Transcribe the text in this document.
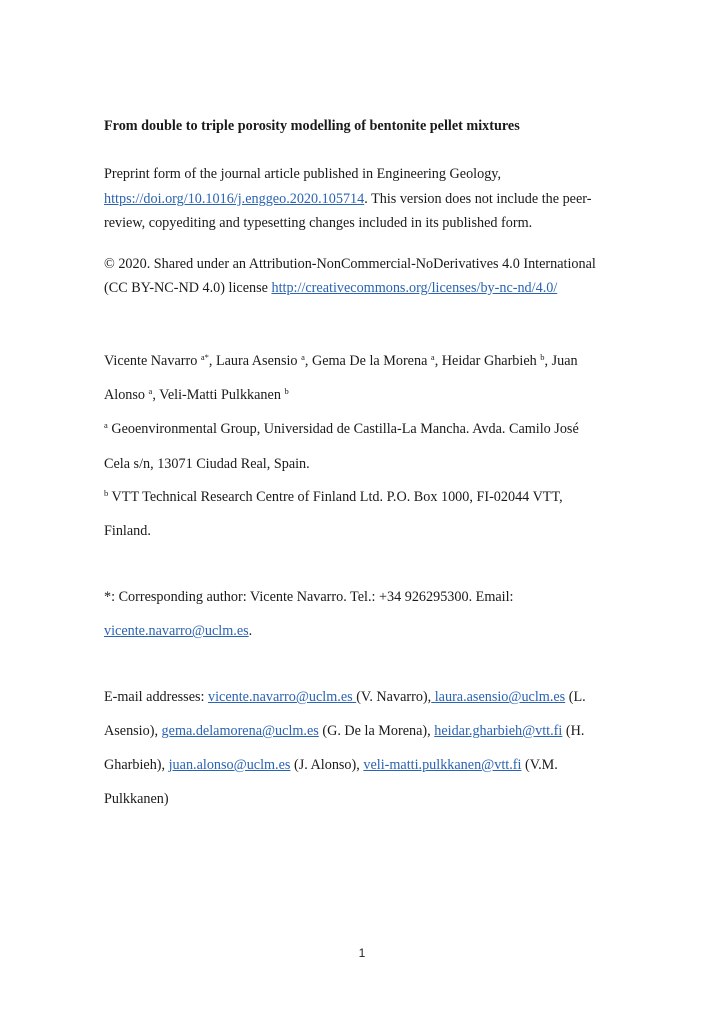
From double to triple porosity modelling of bentonite pellet mixtures
Preprint form of the journal article published in Engineering Geology,
https://doi.org/10.1016/j.enggeo.2020.105714. This version does not include the peer-
review, copyediting and typesetting changes included in its published form.
© 2020. Shared under an Attribution-NonCommercial-NoDerivatives 4.0 International
(CC BY-NC-ND 4.0) license http://creativecommons.org/licenses/by-nc-nd/4.0/
Vicente Navarro $^{a*}$, Laura Asensio $^a$, Gema De la Morena $^a$, Heidar Gharbieh $^b$, Juan
Alonso $^a$, Veli-Matti Pulkkanen $^b$
$^a$ Geoenvironmental Group, Universidad de Castilla-La Mancha. Avda. Camilo José
Cela s/n, 13071 Ciudad Real, Spain.
$^b$ VTT Technical Research Centre of Finland Ltd. P.O. Box 1000, FI-02044 VTT,
Finland.
*: Corresponding author: Vicente Navarro. Tel.: +34 926295300. Email:
vicente.navarro@uclm.es.
E-mail addresses: vicente.navarro@uclm.es (V. Navarro), laura.asensio@uclm.es (L.
Asensio), gema.delamorena@uclm.es (G. De la Morena), heidar.gharbieh@vtt.fi (H.
Gharbieh), juan.alonso@uclm.es (J. Alonso), veli-matti.pulkkanen@vtt.fi (V.M.
Pulkkanen)
1
